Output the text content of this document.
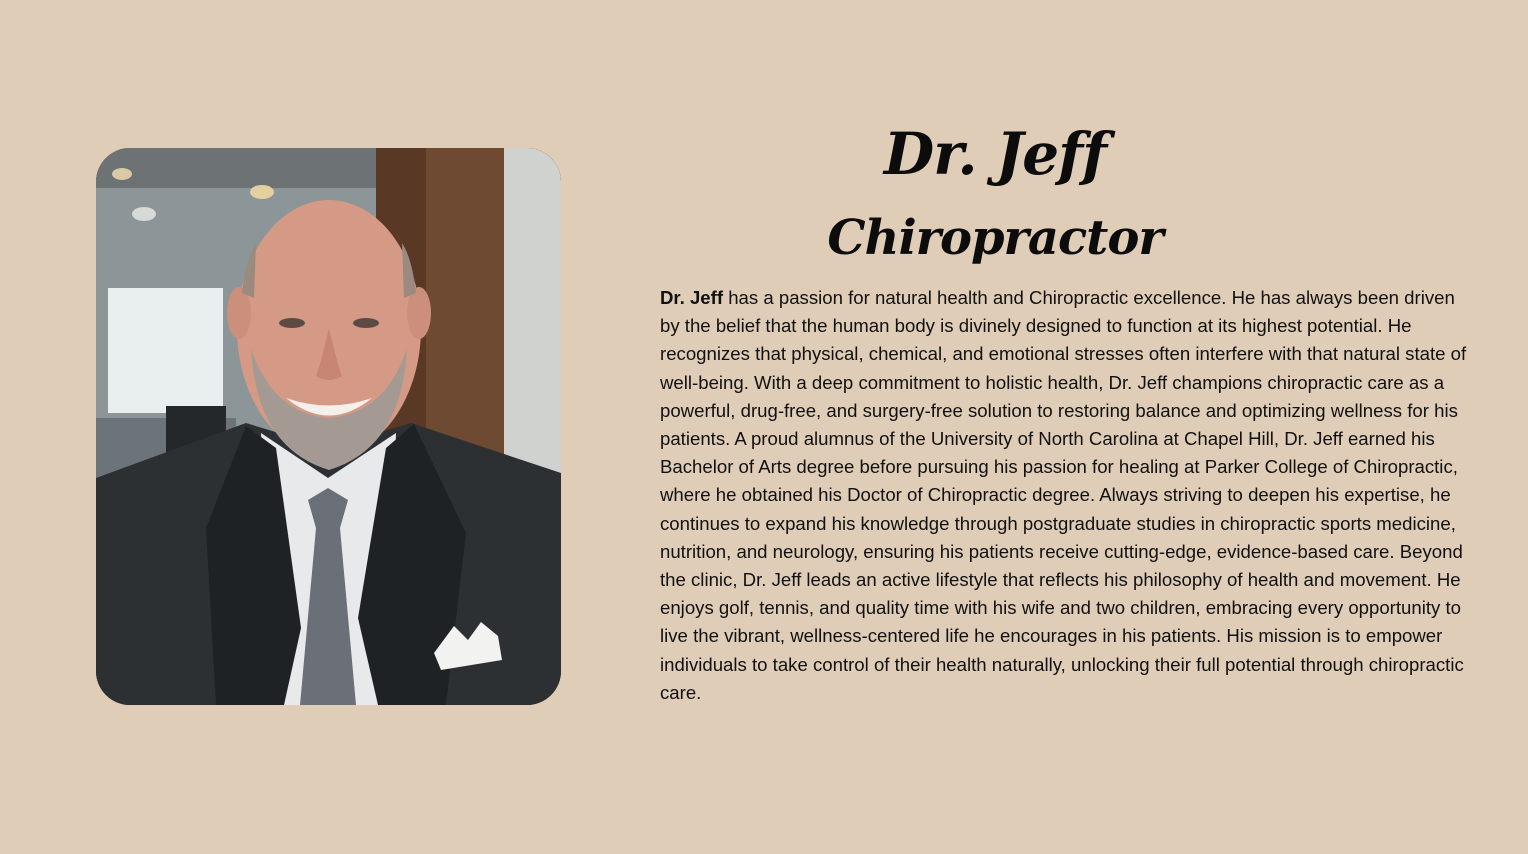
Dr. Jeff
Chiropractor

Dr. Jeff has a passion for natural health and Chiropractic excellence. He has always been driven by the belief that the human body is divinely designed to function at its highest potential. He recognizes that physical, chemical, and emotional stresses often interfere with that natural state of well-being. With a deep commitment to holistic health, Dr. Jeff champions chiropractic care as a powerful, drug-free, and surgery-free solution to restoring balance and optimizing wellness for his patients. A proud alumnus of the University of North Carolina at Chapel Hill, Dr. Jeff earned his Bachelor of Arts degree before pursuing his passion for healing at Parker College of Chiropractic, where he obtained his Doctor of Chiropractic degree. Always striving to deepen his expertise, he continues to expand his knowledge through postgraduate studies in chiropractic sports medicine, nutrition, and neurology, ensuring his patients receive cutting-edge, evidence-based care. Beyond the clinic, Dr. Jeff leads an active lifestyle that reflects his philosophy of health and movement. He enjoys golf, tennis, and quality time with his wife and two children, embracing every opportunity to live the vibrant, wellness-centered life he encourages in his patients. His mission is to empower individuals to take control of their health naturally, unlocking their full potential through chiropractic care.
